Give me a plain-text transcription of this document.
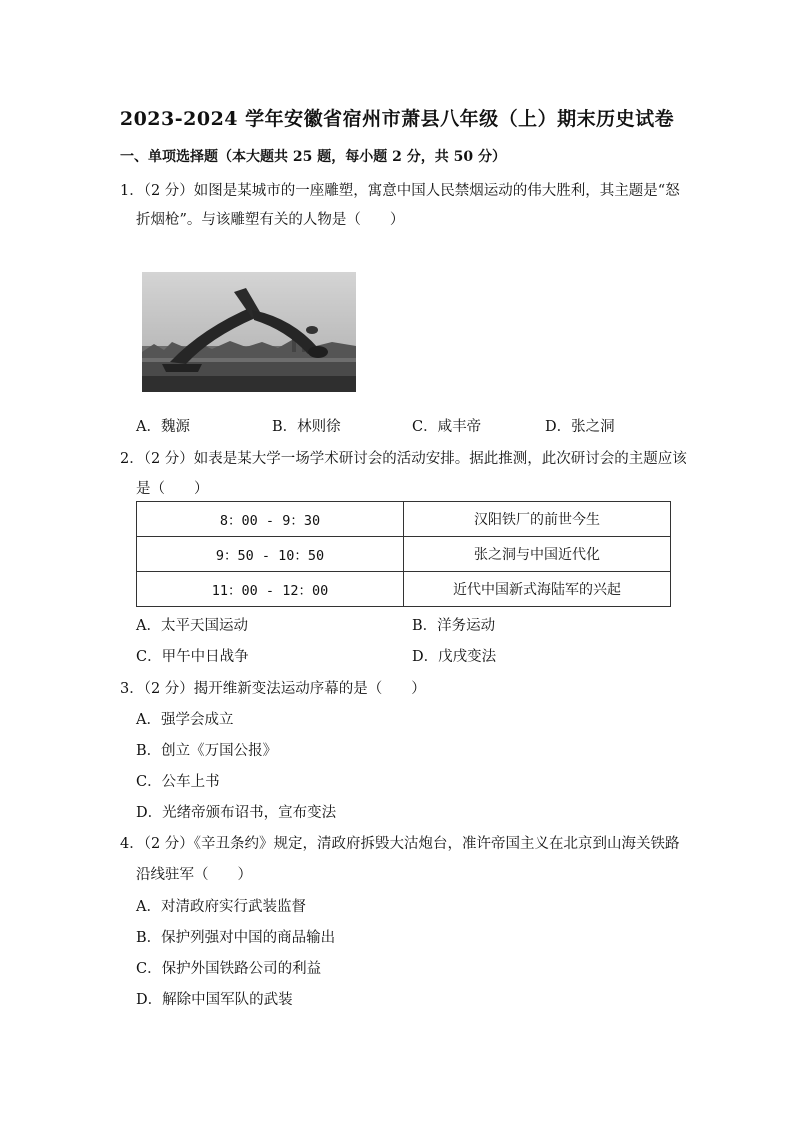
2023-2024 学年安徽省宿州市萧县八年级（上）期末历史试卷
一、单项选择题（本大题共 25 题，每小题 2 分，共 50 分）
1．（2 分）如图是某城市的一座雕塑，寓意中国人民禁烟运动的伟大胜利，其主题是“怒
折烟枪”。与该雕塑有关的人物是（　　）
A．魏源	B．林则徐	C．咸丰帝	D．张之洞
2．（2 分）如表是某大学一场学术研讨会的活动安排。据此推测，此次研讨会的主题应该
是（　　）
8：00 - 9：30	汉阳铁厂的前世今生
9：50 - 10：50	张之洞与中国近代化
11：00 - 12：00	近代中国新式海陆军的兴起
A．太平天国运动	B．洋务运动
C．甲午中日战争	D．戊戌变法
3．（2 分）揭开维新变法运动序幕的是（　　）
A．强学会成立
B．创立《万国公报》
C．公车上书
D．光绪帝颁布诏书，宣布变法
4．（2 分）《辛丑条约》规定，清政府拆毁大沽炮台，准许帝国主义在北京到山海关铁路
沿线驻军（　　）
A．对清政府实行武装监督
B．保护列强对中国的商品输出
C．保护外国铁路公司的利益
D．解除中国军队的武装
